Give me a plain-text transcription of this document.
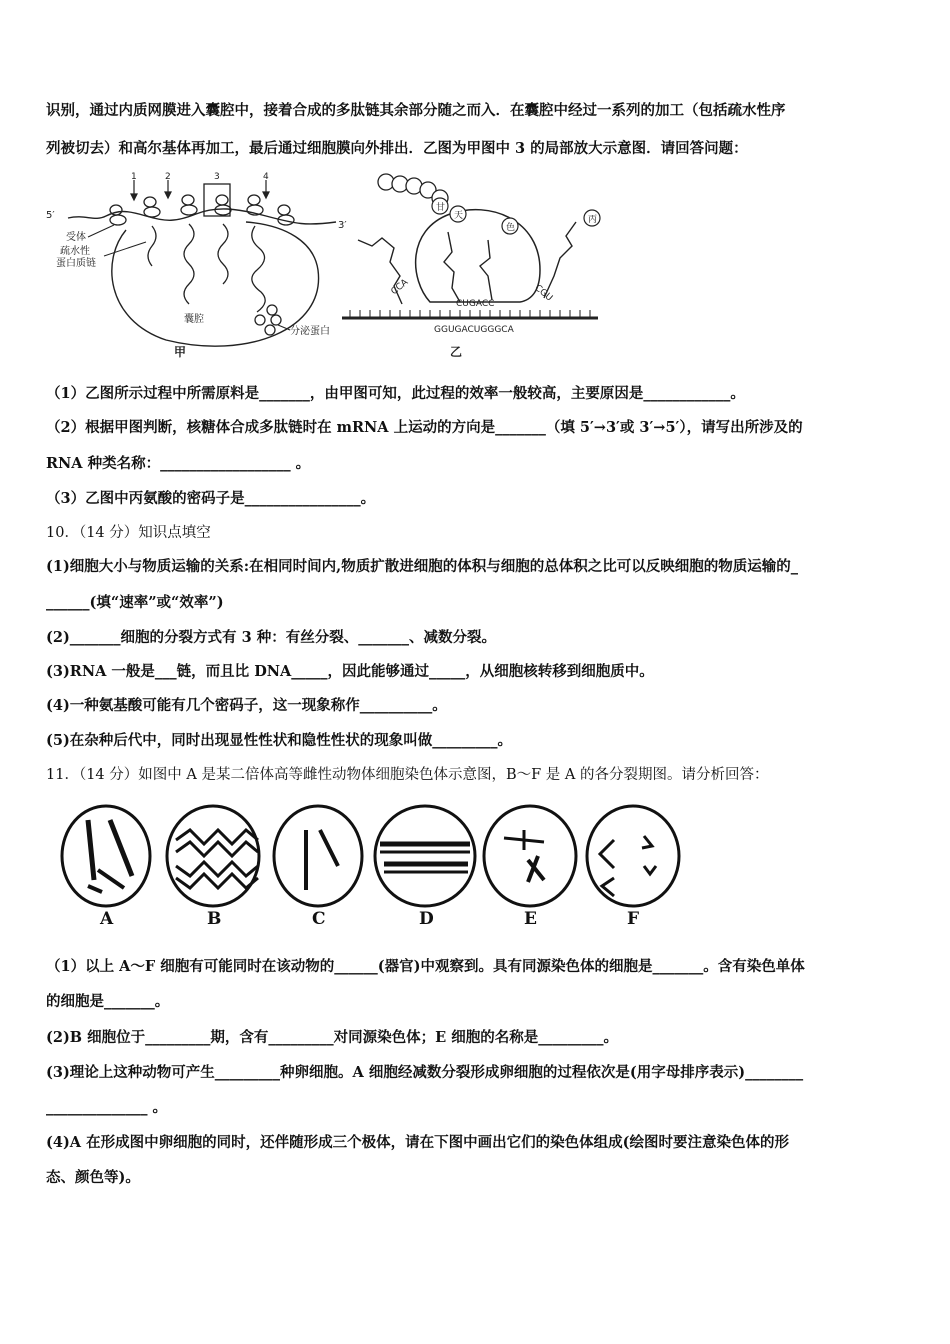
识别，通过内质网膜进入囊腔中，接着合成的多肽链其余部分随之而入．在囊腔中经过一系列的加工（包括疏水性序
列被切去）和高尔基体再加工，最后通过细胞膜向外排出．乙图为甲图中 3 的局部放大示意图．请回答问题：
5′
3′
1	2	3	4
受体
疏水性
蛋白质链
囊腔
分泌蛋白
甲
甘
天
色
丙
CCA
CUGACC
CGU
GGUGACUGGGCA
乙
（1）乙图所示过程中所需原料是_______，由甲图可知，此过程的效率一般较高，主要原因是____________。
（2）根据甲图判断，核糖体合成多肽链时在 mRNA 上运动的方向是_______（填 5′→3′或 3′→5′），请写出所涉及的
RNA 种类名称：__________________ 。
（3）乙图中丙氨酸的密码子是________________。
10．（14 分）知识点填空
(1)细胞大小与物质运输的关系:在相同时间内,物质扩散进细胞的体积与细胞的总体积之比可以反映细胞的物质运输的_
______(填“速率”或“效率”)
(2)_______细胞的分裂方式有 3 种：有丝分裂、_______、减数分裂。
(3)RNA 一般是___链，而且比 DNA_____，因此能够通过_____，从细胞核转移到细胞质中。
(4)一种氨基酸可能有几个密码子，这一现象称作__________。
(5)在杂种后代中，同时出现显性性状和隐性性状的现象叫做_________。
11．（14 分）如图中 A 是某二倍体高等雌性动物体细胞染色体示意图，B～F 是 A 的各分裂期图。请分析回答：
A	B	C	D	E	F
（1）以上 A～F 细胞有可能同时在该动物的______(器官)中观察到。具有同源染色体的细胞是_______。含有染色单体
的细胞是_______。
(2)B 细胞位于_________期，含有_________对同源染色体；E 细胞的名称是_________。
(3)理论上这种动物可产生_________种卵细胞。A 细胞经减数分裂形成卵细胞的过程依次是(用字母排序表示)________
______________ 。
(4)A 在形成图中卵细胞的同时，还伴随形成三个极体，请在下图中画出它们的染色体组成(绘图时要注意染色体的形
态、颜色等)。
